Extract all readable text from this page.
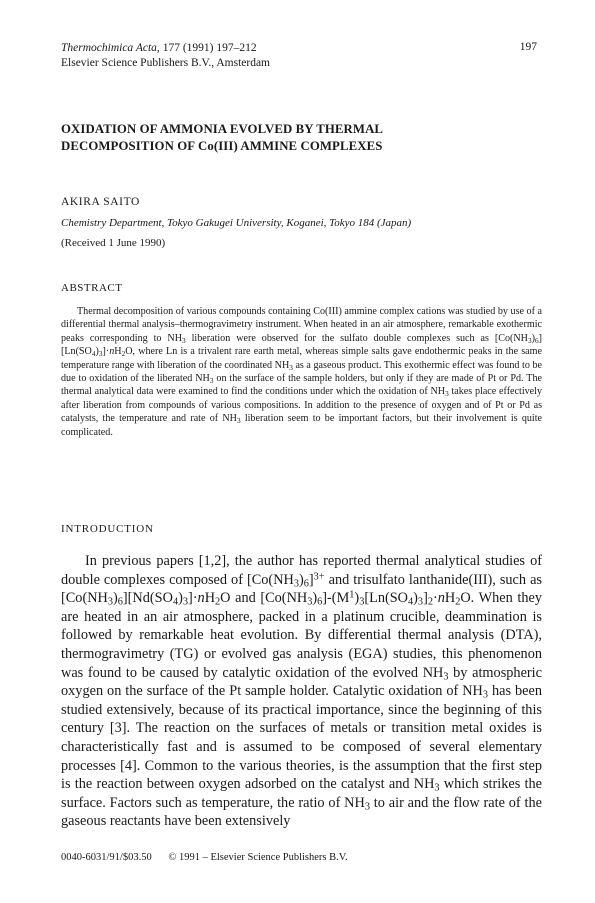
Thermochimica Acta, 177 (1991) 197–212
Elsevier Science Publishers B.V., Amsterdam
197
OXIDATION OF AMMONIA EVOLVED BY THERMAL
DECOMPOSITION OF Co(III) AMMINE COMPLEXES
AKIRA SAITO
Chemistry Department, Tokyo Gakugei University, Koganei, Tokyo 184 (Japan)
(Received 1 June 1990)
ABSTRACT

Thermal decomposition of various compounds containing Co(III) ammine complex cations was studied by use of a differential thermal analysis–thermogravimetry instrument. When heated in an air atmosphere, remarkable exothermic peaks corresponding to $NH_3$ liberation were observed for the sulfato double complexes such as $[Co(NH_3)_6][Ln(SO_4)_3]\cdot nH_2O$, where Ln is a trivalent rare earth metal, whereas simple salts gave endothermic peaks in the same temperature range with liberation of the coordinated $NH_3$ as a gaseous product. This exothermic effect was found to be due to oxidation of the liberated $NH_3$ on the surface of the sample holders, but only if they are made of Pt or Pd. The thermal analytical data were examined to find the conditions under which the oxidation of $NH_3$ takes place effectively after liberation from compounds of various compositions. In addition to the presence of oxygen and of Pt or Pd as catalysts, the temperature and rate of $NH_3$ liberation seem to be important factors, but their involvement is quite complicated.

INTRODUCTION

In previous papers [1,2], the author has reported thermal analytical studies of double complexes composed of $[Co(NH_3)_6]^{3+}$ and trisulfato lanthanide(III), such as $[Co(NH_3)_6][Nd(SO_4)_3]\cdot nH_2O$ and $[Co(NH_3)_6]-(M^1)_3[Ln(SO_4)_3]_2\cdot nH_2O$. When they are heated in an air atmosphere, packed in a platinum crucible, deammination is followed by remarkable heat evolution. By differential thermal analysis (DTA), thermogravimetry (TG) or evolved gas analysis (EGA) studies, this phenomenon was found to be caused by catalytic oxidation of the evolved $NH_3$ by atmospheric oxygen on the surface of the Pt sample holder. Catalytic oxidation of $NH_3$ has been studied extensively, because of its practical importance, since the beginning of this century [3]. The reaction on the surfaces of metals or transition metal oxides is characteristically fast and is assumed to be composed of several elementary processes [4]. Common to the various theories, is the assumption that the first step is the reaction between oxygen adsorbed on the catalyst and $NH_3$ which strikes the surface. Factors such as temperature, the ratio of $NH_3$ to air and the flow rate of the gaseous reactants have been extensively

0040-6031/91/$03.50 © 1991 – Elsevier Science Publishers B.V.
